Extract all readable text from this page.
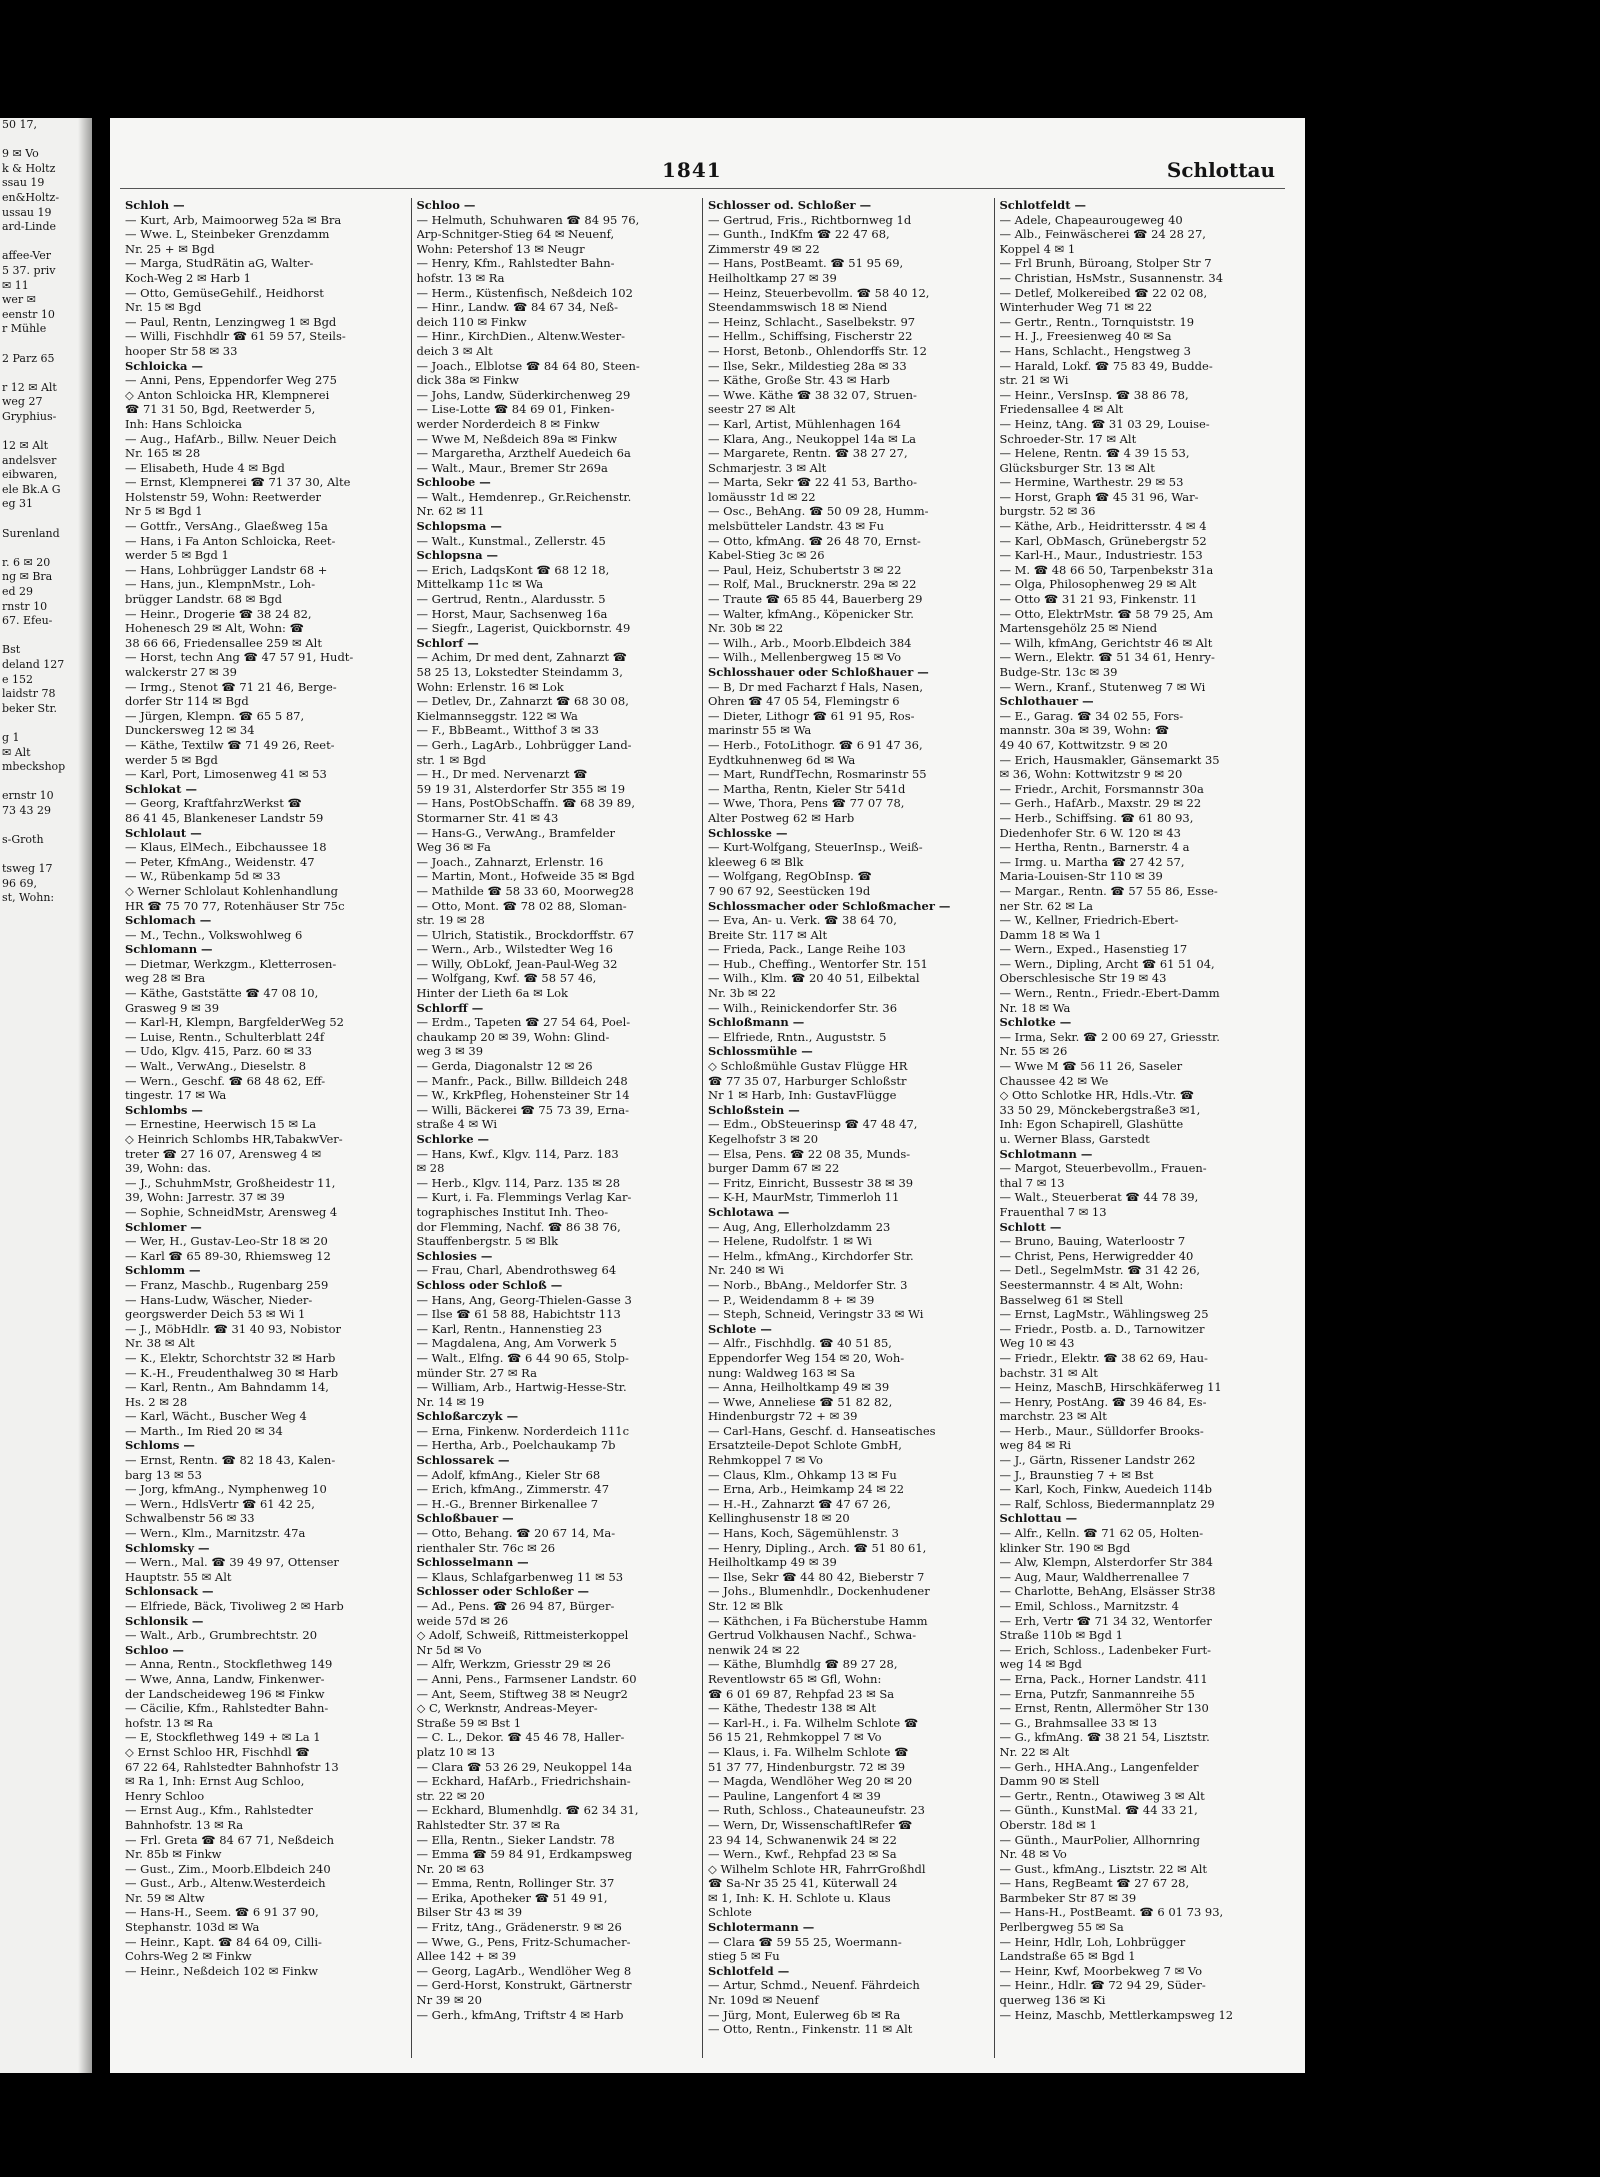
50 17,
9 ✉ Vo
k & Holtz
ssau 19
en&Holtz-
ussau 19
ard-Linde
affee-Ver
5 37. priv
✉ 11
wer ✉
eenstr 10
r Mühle
2 Parz 65
r 12 ✉ Alt
weg 27
Gryphius-
12 ✉ Alt
andelsver
eibwaren,
ele Bk.A G
eg 31
Surenland
r. 6 ✉ 20
ng ✉ Bra
ed 29
rnstr 10
67. Efeu-
Bst
deland 127
e 152
laidstr 78
beker Str.
g 1
✉ Alt
mbeckshop
ernstr 10
73 43 29
s-Groth
tsweg 17
96 69,
st, Wohn:
1841	Schlottau
Schloh —
— Kurt, Arb, Maimoorweg 52a ✉ Bra
— Wwe. L, Steinbeker Grenzdamm
Nr. 25 + ✉ Bgd
— Marga, StudRätin aG, Walter-
Koch-Weg 2 ✉ Harb 1
— Otto, GemüseGehilf., Heidhorst
Nr. 15 ✉ Bgd
— Paul, Rentn, Lenzingweg 1 ✉ Bgd
— Willi, Fischhdlr ☎ 61 59 57, Steils-
hooper Str 58 ✉ 33
Schloicka —
— Anni, Pens, Eppendorfer Weg 275
◇ Anton Schloicka HR, Klempnerei
☎ 71 31 50, Bgd, Reetwerder 5,
Inh: Hans Schloicka
— Aug., HafArb., Billw. Neuer Deich
Nr. 165 ✉ 28
— Elisabeth, Hude 4 ✉ Bgd
— Ernst, Klempnerei ☎ 71 37 30, Alte
Holstenstr 59, Wohn: Reetwerder
Nr 5 ✉ Bgd 1
— Gottfr., VersAng., Glaeßweg 15a
— Hans, i Fa Anton Schloicka, Reet-
werder 5 ✉ Bgd 1
— Hans, Lohbrügger Landstr 68 +
— Hans, jun., KlempnMstr., Loh-
brügger Landstr. 68 ✉ Bgd
— Heinr., Drogerie ☎ 38 24 82,
Hohenesch 29 ✉ Alt, Wohn: ☎
38 66 66, Friedensallee 259 ✉ Alt
— Horst, techn Ang ☎ 47 57 91, Hudt-
walckerstr 27 ✉ 39
— Irmg., Stenot ☎ 71 21 46, Berge-
dorfer Str 114 ✉ Bgd
— Jürgen, Klempn. ☎ 65 5 87,
Dunckersweg 12 ✉ 34
— Käthe, Textilw ☎ 71 49 26, Reet-
werder 5 ✉ Bgd
— Karl, Port, Limosenweg 41 ✉ 53
Schlokat —
— Georg, KraftfahrzWerkst ☎
86 41 45, Blankeneser Landstr 59
Schlolaut —
— Klaus, ElMech., Eibchaussee 18
— Peter, KfmAng., Weidenstr. 47
— W., Rübenkamp 5d ✉ 33
◇ Werner Schlolaut Kohlenhandlung
HR ☎ 75 70 77, Rotenhäuser Str 75c
Schlomach —
— M., Techn., Volkswohlweg 6
Schlomann —
— Dietmar, Werkzgm., Kletterrosen-
weg 28 ✉ Bra
— Käthe, Gaststätte ☎ 47 08 10,
Grasweg 9 ✉ 39
— Karl-H, Klempn, BargfelderWeg 52
— Luise, Rentn., Schulterblatt 24f
— Udo, Klgv. 415, Parz. 60 ✉ 33
— Walt., VerwAng., Dieselstr. 8
— Wern., Geschf. ☎ 68 48 62, Eff-
tingestr. 17 ✉ Wa
Schlombs —
— Ernestine, Heerwisch 15 ✉ La
◇ Heinrich Schlombs HR,TabakwVer-
treter ☎ 27 16 07, Arensweg 4 ✉
39, Wohn: das.
— J., SchuhmMstr, Großheidestr 11,
39, Wohn: Jarrestr. 37 ✉ 39
— Sophie, SchneidMstr, Arensweg 4
Schlomer —
— Wer, H., Gustav-Leo-Str 18 ✉ 20
— Karl ☎ 65 89-30, Rhiemsweg 12
Schlomm —
— Franz, Maschb., Rugenbarg 259
— Hans-Ludw, Wäscher, Nieder-
georgswerder Deich 53 ✉ Wi 1
— J., MöbHdlr. ☎ 31 40 93, Nobistor
Nr. 38 ✉ Alt
— K., Elektr, Schorchtstr 32 ✉ Harb
— K.-H., Freudenthalweg 30 ✉ Harb
— Karl, Rentn., Am Bahndamm 14,
Hs. 2 ✉ 28
— Karl, Wächt., Buscher Weg 4
— Marth., Im Ried 20 ✉ 34
Schloms —
— Ernst, Rentn. ☎ 82 18 43, Kalen-
barg 13 ✉ 53
— Jorg, kfmAng., Nymphenweg 10
— Wern., HdlsVertr ☎ 61 42 25,
Schwalbenstr 56 ✉ 33
— Wern., Klm., Marnitzstr. 47a
Schlomsky —
— Wern., Mal. ☎ 39 49 97, Ottenser
Hauptstr. 55 ✉ Alt
Schlonsack —
— Elfriede, Bäck, Tivoliweg 2 ✉ Harb
Schlonsik —
— Walt., Arb., Grumbrechtstr. 20
Schloo —
— Anna, Rentn., Stockflethweg 149
— Wwe, Anna, Landw, Finkenwer-
der Landscheideweg 196 ✉ Finkw
— Cäcilie, Kfm., Rahlstedter Bahn-
hofstr. 13 ✉ Ra
— E, Stockflethweg 149 + ✉ La 1
◇ Ernst Schloo HR, Fischhdl ☎
67 22 64, Rahlstedter Bahnhofstr 13
✉ Ra 1, Inh: Ernst Aug Schloo,
Henry Schloo
— Ernst Aug., Kfm., Rahlstedter
Bahnhofstr. 13 ✉ Ra
— Frl. Greta ☎ 84 67 71, Neßdeich
Nr. 85b ✉ Finkw
— Gust., Zim., Moorb.Elbdeich 240
— Gust., Arb., Altenw.Westerdeich
Nr. 59 ✉ Altw
— Hans-H., Seem. ☎ 6 91 37 90,
Stephanstr. 103d ✉ Wa
— Heinr., Kapt. ☎ 84 64 09, Cilli-
Cohrs-Weg 2 ✉ Finkw
— Heinr., Neßdeich 102 ✉ Finkw
Schloo —
— Helmuth, Schuhwaren ☎ 84 95 76,
Arp-Schnitger-Stieg 64 ✉ Neuenf,
Wohn: Petershof 13 ✉ Neugr
— Henry, Kfm., Rahlstedter Bahn-
hofstr. 13 ✉ Ra
— Herm., Küstenfisch, Neßdeich 102
— Hinr., Landw. ☎ 84 67 34, Neß-
deich 110 ✉ Finkw
— Hinr., KirchDien., Altenw.Wester-
deich 3 ✉ Alt
— Joach., Elblotse ☎ 84 64 80, Steen-
dick 38a ✉ Finkw
— Johs, Landw, Süderkirchenweg 29
— Lise-Lotte ☎ 84 69 01, Finken-
werder Norderdeich 8 ✉ Finkw
— Wwe M, Neßdeich 89a ✉ Finkw
— Margaretha, Arzthelf Auedeich 6a
— Walt., Maur., Bremer Str 269a
Schloobe —
— Walt., Hemdenrep., Gr.Reichenstr.
Nr. 62 ✉ 11
Schlopsma —
— Walt., Kunstmal., Zellerstr. 45
Schlopsna —
— Erich, LadqsKont ☎ 68 12 18,
Mittelkamp 11c ✉ Wa
— Gertrud, Rentn., Alardusstr. 5
— Horst, Maur, Sachsenweg 16a
— Siegfr., Lagerist, Quickbornstr. 49
Schlorf —
— Achim, Dr med dent, Zahnarzt ☎
58 25 13, Lokstedter Steindamm 3,
Wohn: Erlenstr. 16 ✉ Lok
— Detlev, Dr., Zahnarzt ☎ 68 30 08,
Kielmannseggstr. 122 ✉ Wa
— F., BbBeamt., Witthof 3 ✉ 33
— Gerh., LagArb., Lohbrügger Land-
str. 1 ✉ Bgd
— H., Dr med. Nervenarzt ☎
59 19 31, Alsterdorfer Str 355 ✉ 19
— Hans, PostObSchaffn. ☎ 68 39 89,
Stormarner Str. 41 ✉ 43
— Hans-G., VerwAng., Bramfelder
Weg 36 ✉ Fa
— Joach., Zahnarzt, Erlenstr. 16
— Martin, Mont., Hofweide 35 ✉ Bgd
— Mathilde ☎ 58 33 60, Moorweg28
— Otto, Mont. ☎ 78 02 88, Sloman-
str. 19 ✉ 28
— Ulrich, Statistik., Brockdorffstr. 67
— Wern., Arb., Wilstedter Weg 16
— Willy, ObLokf, Jean-Paul-Weg 32
— Wolfgang, Kwf. ☎ 58 57 46,
Hinter der Lieth 6a ✉ Lok
Schlorff —
— Erdm., Tapeten ☎ 27 54 64, Poel-
chaukamp 20 ✉ 39, Wohn: Glind-
weg 3 ✉ 39
— Gerda, Diagonalstr 12 ✉ 26
— Manfr., Pack., Billw. Billdeich 248
— W., KrkPfleg, Hohensteiner Str 14
— Willi, Bäckerei ☎ 75 73 39, Erna-
straße 4 ✉ Wi
Schlorke —
— Hans, Kwf., Klgv. 114, Parz. 183
✉ 28
— Herb., Klgv. 114, Parz. 135 ✉ 28
— Kurt, i. Fa. Flemmings Verlag Kar-
tographisches Institut Inh. Theo-
dor Flemming, Nachf. ☎ 86 38 76,
Stauffenbergstr. 5 ✉ Blk
Schlosies —
— Frau, Charl, Abendrothsweg 64
Schloss oder Schloß —
— Hans, Ang, Georg-Thielen-Gasse 3
— Ilse ☎ 61 58 88, Habichtstr 113
— Karl, Rentn., Hannenstieg 23
— Magdalena, Ang, Am Vorwerk 5
— Walt., Elfng. ☎ 6 44 90 65, Stolp-
münder Str. 27 ✉ Ra
— William, Arb., Hartwig-Hesse-Str.
Nr. 14 ✉ 19
Schloßarczyk —
— Erna, Finkenw. Norderdeich 111c
— Hertha, Arb., Poelchaukamp 7b
Schlossarek —
— Adolf, kfmAng., Kieler Str 68
— Erich, kfmAng., Zimmerstr. 47
— H.-G., Brenner Birkenallee 7
Schloßbauer —
— Otto, Behang. ☎ 20 67 14, Ma-
rienthaler Str. 76c ✉ 26
Schlosselmann —
— Klaus, Schlafgarbenweg 11 ✉ 53
Schlosser oder Schloßer —
— Ad., Pens. ☎ 26 94 87, Bürger-
weide 57d ✉ 26
◇ Adolf, Schweiß, Rittmeisterkoppel
Nr 5d ✉ Vo
— Alfr, Werkzm, Griesstr 29 ✉ 26
— Anni, Pens., Farmsener Landstr. 60
— Ant, Seem, Stiftweg 38 ✉ Neugr2
◇ C, Werknstr, Andreas-Meyer-
Straße 59 ✉ Bst 1
— C. L., Dekor. ☎ 45 46 78, Haller-
platz 10 ✉ 13
— Clara ☎ 53 26 29, Neukoppel 14a
— Eckhard, HafArb., Friedrichshain-
str. 22 ✉ 20
— Eckhard, Blumenhdlg. ☎ 62 34 31,
Rahlstedter Str. 37 ✉ Ra
— Ella, Rentn., Sieker Landstr. 78
— Emma ☎ 59 84 91, Erdkampsweg
Nr. 20 ✉ 63
— Emma, Rentn, Rollinger Str. 37
— Erika, Apotheker ☎ 51 49 91,
Bilser Str 43 ✉ 39
— Fritz, tAng., Grädenerstr. 9 ✉ 26
— Wwe, G., Pens, Fritz-Schumacher-
Allee 142 + ✉ 39
— Georg, LagArb., Wendlöher Weg 8
— Gerd-Horst, Konstrukt, Gärtnerstr
Nr 39 ✉ 20
— Gerh., kfmAng, Triftstr 4 ✉ Harb
Schlosser od. Schloßer —
— Gertrud, Fris., Richtbornweg 1d
— Gunth., IndKfm ☎ 22 47 68,
Zimmerstr 49 ✉ 22
— Hans, PostBeamt. ☎ 51 95 69,
Heilholtkamp 27 ✉ 39
— Heinz, Steuerbevollm. ☎ 58 40 12,
Steendammswisch 18 ✉ Niend
— Heinz, Schlacht., Saselbekstr. 97
— Hellm., Schiffsing, Fischerstr 22
— Horst, Betonb., Ohlendorffs Str. 12
— Ilse, Sekr., Mildestieg 28a ✉ 33
— Käthe, Große Str. 43 ✉ Harb
— Wwe. Käthe ☎ 38 32 07, Struen-
seestr 27 ✉ Alt
— Karl, Artist, Mühlenhagen 164
— Klara, Ang., Neukoppel 14a ✉ La
— Margarete, Rentn. ☎ 38 27 27,
Schmarjestr. 3 ✉ Alt
— Marta, Sekr ☎ 22 41 53, Bartho-
lomäusstr 1d ✉ 22
— Osc., BehAng. ☎ 50 09 28, Humm-
melsbütteler Landstr. 43 ✉ Fu
— Otto, kfmAng. ☎ 26 48 70, Ernst-
Kabel-Stieg 3c ✉ 26
— Paul, Heiz, Schubertstr 3 ✉ 22
— Rolf, Mal., Brucknerstr. 29a ✉ 22
— Traute ☎ 65 85 44, Bauerberg 29
— Walter, kfmAng., Köpenicker Str.
Nr. 30b ✉ 22
— Wilh., Arb., Moorb.Elbdeich 384
— Wilh., Mellenbergweg 15 ✉ Vo
Schlosshauer oder Schloßhauer —
— B, Dr med Facharzt f Hals, Nasen,
Ohren ☎ 47 05 54, Flemingstr 6
— Dieter, Lithogr ☎ 61 91 95, Ros-
marinstr 55 ✉ Wa
— Herb., FotoLithogr. ☎ 6 91 47 36,
Eydtkuhnenweg 6d ✉ Wa
— Mart, RundfTechn, Rosmarinstr 55
— Martha, Rentn, Kieler Str 541d
— Wwe, Thora, Pens ☎ 77 07 78,
Alter Postweg 62 ✉ Harb
Schlosske —
— Kurt-Wolfgang, SteuerInsp., Weiß-
kleeweg 6 ✉ Blk
— Wolfgang, RegObInsp. ☎
7 90 67 92, Seestücken 19d
Schlossmacher oder Schloßmacher —
— Eva, An- u. Verk. ☎ 38 64 70,
Breite Str. 117 ✉ Alt
— Frieda, Pack., Lange Reihe 103
— Hub., Cheffing., Wentorfer Str. 151
— Wilh., Klm. ☎ 20 40 51, Eilbektal
Nr. 3b ✉ 22
— Wilh., Reinickendorfer Str. 36
Schloßmann —
— Elfriede, Rntn., Auguststr. 5
Schlossmühle —
◇ Schloßmühle Gustav Flügge HR
☎ 77 35 07, Harburger Schloßstr
Nr 1 ✉ Harb, Inh: GustavFlügge
Schloßstein —
— Edm., ObSteuerinsp ☎ 47 48 47,
Kegelhofstr 3 ✉ 20
— Elsa, Pens. ☎ 22 08 35, Munds-
burger Damm 67 ✉ 22
— Fritz, Einricht, Bussestr 38 ✉ 39
— K-H, MaurMstr, Timmerloh 11
Schlotawa —
— Aug, Ang, Ellerholzdamm 23
— Helene, Rudolfstr. 1 ✉ Wi
— Helm., kfmAng., Kirchdorfer Str.
Nr. 240 ✉ Wi
— Norb., BbAng., Meldorfer Str. 3
— P., Weidendamm 8 + ✉ 39
— Steph, Schneid, Veringstr 33 ✉ Wi
Schlote —
— Alfr., Fischhdlg. ☎ 40 51 85,
Eppendorfer Weg 154 ✉ 20, Woh-
nung: Waldweg 163 ✉ Sa
— Anna, Heilholtkamp 49 ✉ 39
— Wwe, Anneliese ☎ 51 82 82,
Hindenburgstr 72 + ✉ 39
— Carl-Hans, Geschf. d. Hanseatisches
Ersatzteile-Depot Schlote GmbH,
Rehmkoppel 7 ✉ Vo
— Claus, Klm., Ohkamp 13 ✉ Fu
— Erna, Arb., Heimkamp 24 ✉ 22
— H.-H., Zahnarzt ☎ 47 67 26,
Kellinghusenstr 18 ✉ 20
— Hans, Koch, Sägemühlenstr. 3
— Henry, Dipling., Arch. ☎ 51 80 61,
Heilholtkamp 49 ✉ 39
— Ilse, Sekr ☎ 44 80 42, Bieberstr 7
— Johs., Blumenhdlr., Dockenhudener
Str. 12 ✉ Blk
— Käthchen, i Fa Bücherstube Hamm
Gertrud Volkhausen Nachf., Schwa-
nenwik 24 ✉ 22
— Käthe, Blumhdlg ☎ 89 27 28,
Reventlowstr 65 ✉ Gfl, Wohn:
☎ 6 01 69 87, Rehpfad 23 ✉ Sa
— Käthe, Thedestr 138 ✉ Alt
— Karl-H., i. Fa. Wilhelm Schlote ☎
56 15 21, Rehmkoppel 7 ✉ Vo
— Klaus, i. Fa. Wilhelm Schlote ☎
51 37 77, Hindenburgstr. 72 ✉ 39
— Magda, Wendlöher Weg 20 ✉ 20
— Pauline, Langenfort 4 ✉ 39
— Ruth, Schloss., Chateauneufstr. 23
— Wern, Dr, WissenschaftlRefer ☎
23 94 14, Schwanenwik 24 ✉ 22
— Wern., Kwf., Rehpfad 23 ✉ Sa
◇ Wilhelm Schlote HR, FahrrGroßhdl
☎ Sa-Nr 35 25 41, Küterwall 24
✉ 1, Inh: K. H. Schlote u. Klaus
Schlote
Schlotermann —
— Clara ☎ 59 55 25, Woermann-
stieg 5 ✉ Fu
Schlotfeld —
— Artur, Schmd., Neuenf. Fährdeich
Nr. 109d ✉ Neuenf
— Jürg, Mont, Eulerweg 6b ✉ Ra
— Otto, Rentn., Finkenstr. 11 ✉ Alt
Schlotfeldt —
— Adele, Chapeaurougeweg 40
— Alb., Feinwäscherei ☎ 24 28 27,
Koppel 4 ✉ 1
— Frl Brunh, Büroang, Stolper Str 7
— Christian, HsMstr., Susannenstr. 34
— Detlef, Molkereibed ☎ 22 02 08,
Winterhuder Weg 71 ✉ 22
— Gertr., Rentn., Tornquiststr. 19
— H. J., Freesienweg 40 ✉ Sa
— Hans, Schlacht., Hengstweg 3
— Harald, Lokf. ☎ 75 83 49, Budde-
str. 21 ✉ Wi
— Heinr., VersInsp. ☎ 38 86 78,
Friedensallee 4 ✉ Alt
— Heinz, tAng. ☎ 31 03 29, Louise-
Schroeder-Str. 17 ✉ Alt
— Helene, Rentn. ☎ 4 39 15 53,
Glücksburger Str. 13 ✉ Alt
— Hermine, Warthestr. 29 ✉ 53
— Horst, Graph ☎ 45 31 96, War-
burgstr. 52 ✉ 36
— Käthe, Arb., Heidrittersstr. 4 ✉ 4
— Karl, ObMasch, Grünebergstr 52
— Karl-H., Maur., Industriestr. 153
— M. ☎ 48 66 50, Tarpenbekstr 31a
— Olga, Philosophenweg 29 ✉ Alt
— Otto ☎ 31 21 93, Finkenstr. 11
— Otto, ElektrMstr. ☎ 58 79 25, Am
Martensgehölz 25 ✉ Niend
— Wilh, kfmAng, Gerichtstr 46 ✉ Alt
— Wern., Elektr. ☎ 51 34 61, Henry-
Budge-Str. 13c ✉ 39
— Wern., Kranf., Stutenweg 7 ✉ Wi
Schlothauer —
— E., Garag. ☎ 34 02 55, Fors-
mannstr. 30a ✉ 39, Wohn: ☎
49 40 67, Kottwitzstr. 9 ✉ 20
— Erich, Hausmakler, Gänsemarkt 35
✉ 36, Wohn: Kottwitzstr 9 ✉ 20
— Friedr., Archit, Forsmannstr 30a
— Gerh., HafArb., Maxstr. 29 ✉ 22
— Herb., Schiffsing. ☎ 61 80 93,
Diedenhofer Str. 6 W. 120 ✉ 43
— Hertha, Rentn., Barnerstr. 4 a
— Irmg. u. Martha ☎ 27 42 57,
Maria-Louisen-Str 110 ✉ 39
— Margar., Rentn. ☎ 57 55 86, Esse-
ner Str. 62 ✉ La
— W., Kellner, Friedrich-Ebert-
Damm 18 ✉ Wa 1
— Wern., Exped., Hasenstieg 17
— Wern., Dipling, Archt ☎ 61 51 04,
Oberschlesische Str 19 ✉ 43
— Wern., Rentn., Friedr.-Ebert-Damm
Nr. 18 ✉ Wa
Schlotke —
— Irma, Sekr. ☎ 2 00 69 27, Griesstr.
Nr. 55 ✉ 26
— Wwe M ☎ 56 11 26, Saseler
Chaussee 42 ✉ We
◇ Otto Schlotke HR, Hdls.-Vtr. ☎
33 50 29, Mönckebergstraße3 ✉1,
Inh: Egon Schapirell, Glashütte
u. Werner Blass, Garstedt
Schlotmann —
— Margot, Steuerbevollm., Frauen-
thal 7 ✉ 13
— Walt., Steuerberat ☎ 44 78 39,
Frauenthal 7 ✉ 13
Schlott —
— Bruno, Bauing, Waterloostr 7
— Christ, Pens, Herwigredder 40
— Detl., SegelmMstr. ☎ 31 42 26,
Seestermannstr. 4 ✉ Alt, Wohn:
Basselweg 61 ✉ Stell
— Ernst, LagMstr., Wählingsweg 25
— Friedr., Postb. a. D., Tarnowitzer
Weg 10 ✉ 43
— Friedr., Elektr. ☎ 38 62 69, Hau-
bachstr. 31 ✉ Alt
— Heinz, MaschB, Hirschkäferweg 11
— Henry, PostAng. ☎ 39 46 84, Es-
marchstr. 23 ✉ Alt
— Herb., Maur., Sülldorfer Brooks-
weg 84 ✉ Ri
— J., Gärtn, Rissener Landstr 262
— J., Braunstieg 7 + ✉ Bst
— Karl, Koch, Finkw, Auedeich 114b
— Ralf, Schloss, Biedermannplatz 29
Schlottau —
— Alfr., Kelln. ☎ 71 62 05, Holten-
klinker Str. 190 ✉ Bgd
— Alw, Klempn, Alsterdorfer Str 384
— Aug, Maur, Waldherrenallee 7
— Charlotte, BehAng, Elsässer Str38
— Emil, Schloss., Marnitzstr. 4
— Erh, Vertr ☎ 71 34 32, Wentorfer
Straße 110b ✉ Bgd 1
— Erich, Schloss., Ladenbeker Furt-
weg 14 ✉ Bgd
— Erna, Pack., Horner Landstr. 411
— Erna, Putzfr, Sanmannreihe 55
— Ernst, Rentn, Allermöher Str 130
— G., Brahmsallee 33 ✉ 13
— G., kfmAng. ☎ 38 21 54, Lisztstr.
Nr. 22 ✉ Alt
— Gerh., HHA.Ang., Langenfelder
Damm 90 ✉ Stell
— Gertr., Rentn., Otawiweg 3 ✉ Alt
— Günth., KunstMal. ☎ 44 33 21,
Oberstr. 18d ✉ 1
— Günth., MaurPolier, Allhornring
Nr. 48 ✉ Vo
— Gust., kfmAng., Lisztstr. 22 ✉ Alt
— Hans, RegBeamt ☎ 27 67 28,
Barmbeker Str 87 ✉ 39
— Hans-H., PostBeamt. ☎ 6 01 73 93,
Perlbergweg 55 ✉ Sa
— Heinr, Hdlr, Loh, Lohbrügger
Landstraße 65 ✉ Bgd 1
— Heinr, Kwf, Moorbekweg 7 ✉ Vo
— Heinr., Hdlr. ☎ 72 94 29, Süder-
querweg 136 ✉ Ki
— Heinz, Maschb, Mettlerkampsweg 12
